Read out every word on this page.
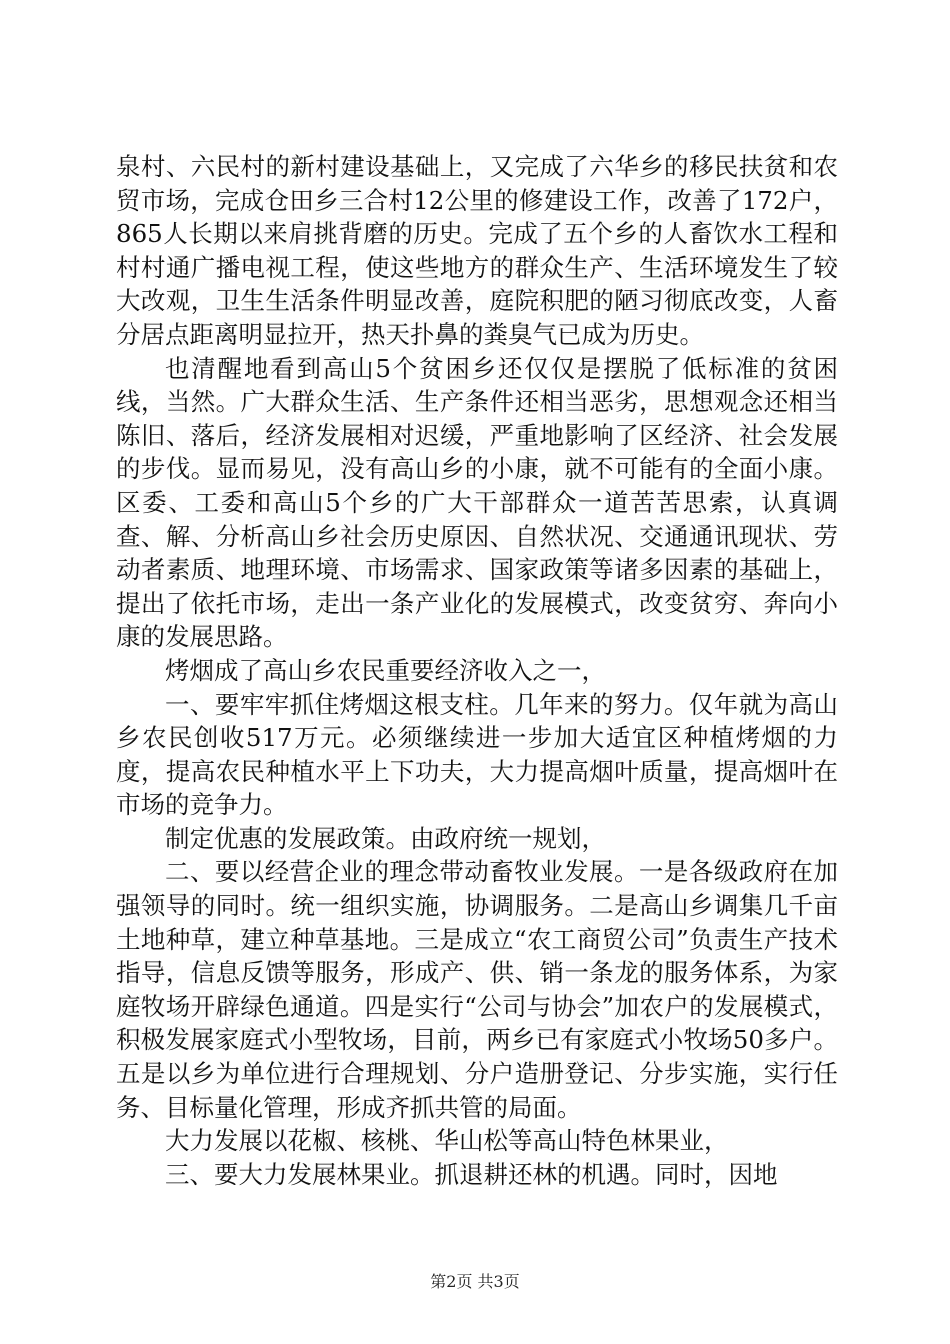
泉村、六民村的新村建设基础上，又完成了六华乡的移民扶贫和农贸市场，完成仓田乡三合村12公里的修建设工作，改善了172户，865人长期以来肩挑背磨的历史。完成了五个乡的人畜饮水工程和村村通广播电视工程，使这些地方的群众生产、生活环境发生了较大改观，卫生生活条件明显改善，庭院积肥的陋习彻底改变，人畜分居点距离明显拉开，热天扑鼻的粪臭气已成为历史。

也清醒地看到高山5个贫困乡还仅仅是摆脱了低标准的贫困线，当然。广大群众生活、生产条件还相当恶劣，思想观念还相当陈旧、落后，经济发展相对迟缓，严重地影响了区经济、社会发展的步伐。显而易见，没有高山乡的小康，就不可能有的全面小康。区委、工委和高山5个乡的广大干部群众一道苦苦思索，认真调查、解、分析高山乡社会历史原因、自然状况、交通通讯现状、劳动者素质、地理环境、市场需求、国家政策等诸多因素的基础上，提出了依托市场，走出一条产业化的发展模式，改变贫穷、奔向小康的发展思路。

烤烟成了高山乡农民重要经济收入之一，

一、要牢牢抓住烤烟这根支柱。几年来的努力。仅年就为高山乡农民创收517万元。必须继续进一步加大适宜区种植烤烟的力度，提高农民种植水平上下功夫，大力提高烟叶质量，提高烟叶在市场的竞争力。

制定优惠的发展政策。由政府统一规划，

二、要以经营企业的理念带动畜牧业发展。一是各级政府在加强领导的同时。统一组织实施，协调服务。二是高山乡调集几千亩土地种草，建立种草基地。三是成立“农工商贸公司”负责生产技术指导，信息反馈等服务，形成产、供、销一条龙的服务体系，为家庭牧场开辟绿色通道。四是实行“公司与协会”加农户的发展模式，积极发展家庭式小型牧场，目前，两乡已有家庭式小牧场50多户。五是以乡为单位进行合理规划、分户造册登记、分步实施，实行任务、目标量化管理，形成齐抓共管的局面。

大力发展以花椒、核桃、华山松等高山特色林果业，

三、要大力发展林果业。抓退耕还林的机遇。同时，因地

第2页 共3页
